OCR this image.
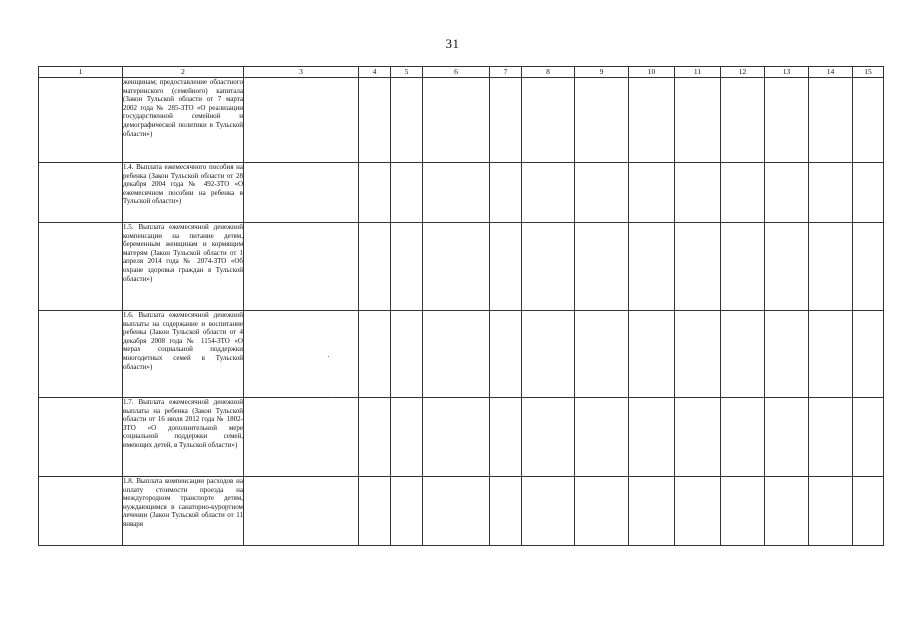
31
1	2	3	4	5	6	7	8	9	10	11	12	13	14	15
	женщинам; предоставление областного материнского (семейного) капитала (Закон Тульской области от 7 марта 2002 года № 285-ЗТО «О реализации государственной семейной и демографической политики в Тульской области»)													
	1.4. Выплата ежемесячного пособия на ребенка (Закон Тульской области от 28 декабря 2004 года № 492-ЗТО «О ежемесячном пособии на ребенка в Тульской области»)													
	1.5. Выплата ежемесячной денежной компенсации на питание детям, беременным женщинам и кормящим матерям (Закон Тульской области от 1 апреля 2014 года № 2074-ЗТО «Об охране здоровья граждан в Тульской области»)													
	1.6. Выплата ежемесячной денежной выплаты на содержание и воспитание ребенка (Закон Тульской области от 4 декабря 2008 года № 1154-ЗТО «О мерах социальной поддержки многодетных семей в Тульской области»)													
	1.7. Выплата ежемесячной денежной выплаты на ребенка (Закон Тульской области от 16 июля 2012 года № 1802-ЗТО «О дополнительной мере социальной поддержки семей, имеющих детей, в Тульской области»)													
	1.8. Выплата компенсации расходов на оплату стоимости проезда на междугородном транспорте детям, нуждающимся в санаторно-курортном лечении (Закон Тульской области от 11 января													
